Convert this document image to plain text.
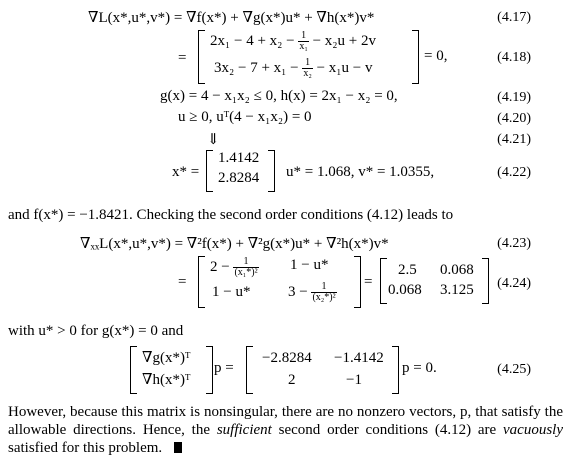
∇L(x*,u*,v*) = ∇f(x*) + ∇g(x*)u* + ∇h(x*)v*	(4.17)
=
$2x_1 - 4 + x_2 - \frac{1}{\text{x₁}} - x_2u + 2v$
$3x_2 - 7 + x_1 - \frac{1}{\text{x₂}} - x_1u - v$
= 0,	(4.18)
g(x) = 4 − x₁x₂ ≤ 0, h(x) = 2x₁ − x₂ = 0,	(4.19)
u ≥ 0, uᵀ(4 − x₁x₂) = 0	(4.20)
⇓	(4.21)
x* =
1.4142
2.8284 u* = 1.068, v* = 1.0355,	(4.22)
and f(x*) = −1.8421. Checking the second order conditions (4.12) leads to
∇ₓₓL(x*,u*,v*) = ∇²f(x*) + ∇²g(x*)u* + ∇²h(x*)v*	(4.23)
=
$2 - \frac{1}{\text{(x₁*)²}} 1 - u*$
1 − u*	$3 - \frac{1}{\text{(x₂*)²}}$ =
2.5 0.068
0.068 3.125 (4.24)
with u* > 0 for g(x*) = 0 and
∇g(x*)ᵀ
∇h(x*)ᵀ
p =
−2.8284 −1.4142
2	−1
p = 0.	(4.25)
However, because this matrix is nonsingular, there are no nonzero vectors, p, that satisfy the allowable directions. Hence, the sufficient second order conditions (4.12) are vacuously satisfied for this problem.
